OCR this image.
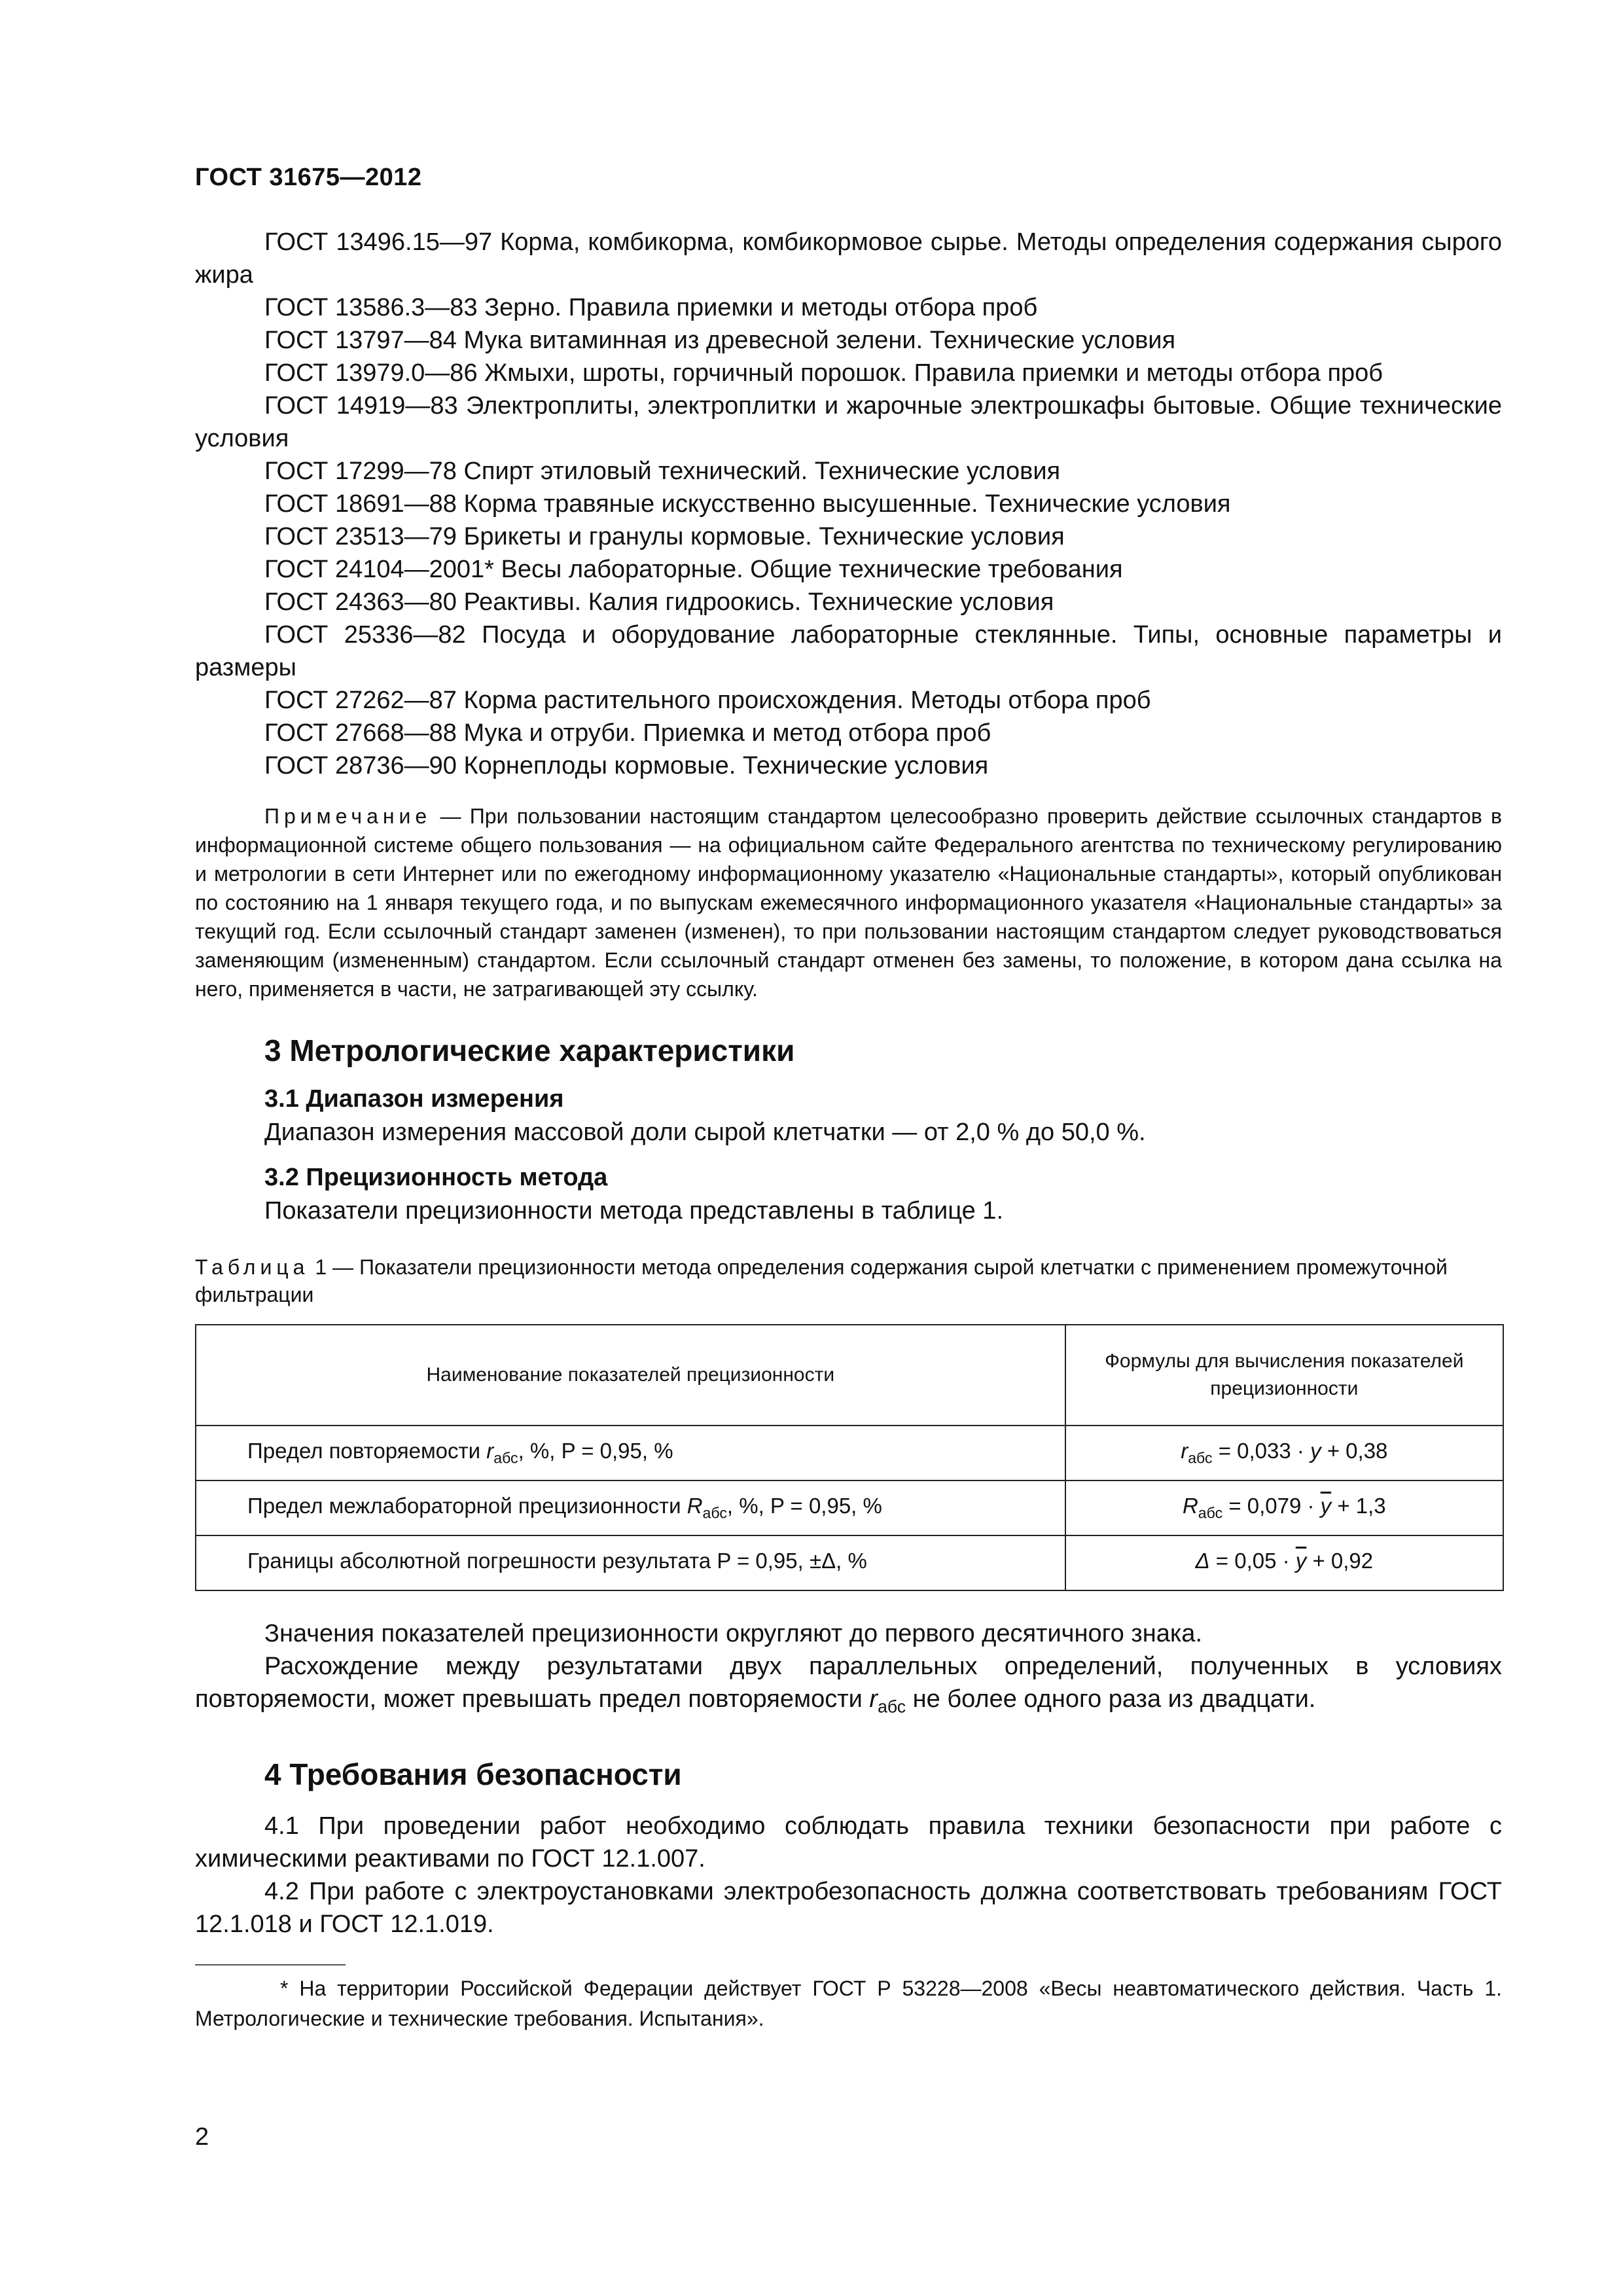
ГОСТ 31675—2012

ГОСТ 13496.15—97 Корма, комбикорма, комбикормовое сырье. Методы определения содержания сырого жира

ГОСТ 13586.3—83 Зерно. Правила приемки и методы отбора проб

ГОСТ 13797—84 Мука витаминная из древесной зелени. Технические условия

ГОСТ 13979.0—86 Жмыхи, шроты, горчичный порошок. Правила приемки и методы отбора проб

ГОСТ 14919—83 Электроплиты, электроплитки и жарочные электрошкафы бытовые. Общие технические условия

ГОСТ 17299—78 Спирт этиловый технический. Технические условия

ГОСТ 18691—88 Корма травяные искусственно высушенные. Технические условия

ГОСТ 23513—79 Брикеты и гранулы кормовые. Технические условия

ГОСТ 24104—2001* Весы лабораторные. Общие технические требования

ГОСТ 24363—80 Реактивы. Калия гидроокись. Технические условия

ГОСТ 25336—82 Посуда и оборудование лабораторные стеклянные. Типы, основные параметры и размеры

ГОСТ 27262—87 Корма растительного происхождения. Методы отбора проб

ГОСТ 27668—88 Мука и отруби. Приемка и метод отбора проб

ГОСТ 28736—90 Корнеплоды кормовые. Технические условия

Примечание — При пользовании настоящим стандартом целесообразно проверить действие ссылочных стандартов в информационной системе общего пользования — на официальном сайте Федерального агентства по техническому регулированию и метрологии в сети Интернет или по ежегодному информационному указателю «Национальные стандарты», который опубликован по состоянию на 1 января текущего года, и по выпускам ежемесячного информационного указателя «Национальные стандарты» за текущий год. Если ссылочный стандарт заменен (изменен), то при пользовании настоящим стандартом следует руководствоваться заменяющим (измененным) стандартом. Если ссылочный стандарт отменен без замены, то положение, в котором дана ссылка на него, применяется в части, не затрагивающей эту ссылку.

3 Метрологические характеристики
3.1 Диапазон измерения

Диапазон измерения массовой доли сырой клетчатки — от 2,0 % до 50,0 %.

3.2 Прецизионность метода

Показатели прецизионности метода представлены в таблице 1.

Таблица 1 — Показатели прецизионности метода определения содержания сырой клетчатки с применением промежуточной фильтрации
Наименование показателей прецизионности	Формулы для вычисления показателей прецизионности
Предел повторяемости $r_{абс}$, %, P = 0,95, %	$r_{абс} = 0,033 \cdot y + 0,38$
Предел межлабораторной прецизионности $R_{абс}$, %, P = 0,95, %	$R_{абс} = 0,079 \cdot \overline{y} + 1,3$
Границы абсолютной погрешности результата P = 0,95, ±Δ, %	$\Delta = 0,05 \cdot \overline{y} + 0,92$

Значения показателей прецизионности округляют до первого десятичного знака.

Расхождение между результатами двух параллельных определений, полученных в условиях повторяемости, может превышать предел повторяемости $r_{абс}$ не более одного раза из двадцати.

4 Требования безопасности

4.1 При проведении работ необходимо соблюдать правила техники безопасности при работе с химическими реактивами по ГОСТ 12.1.007.

4.2 При работе с электроустановками электробезопасность должна соответствовать требованиям ГОСТ 12.1.018 и ГОСТ 12.1.019.

* На территории Российской Федерации действует ГОСТ Р 53228—2008 «Весы неавтоматического действия. Часть 1. Метрологические и технические требования. Испытания».
2
